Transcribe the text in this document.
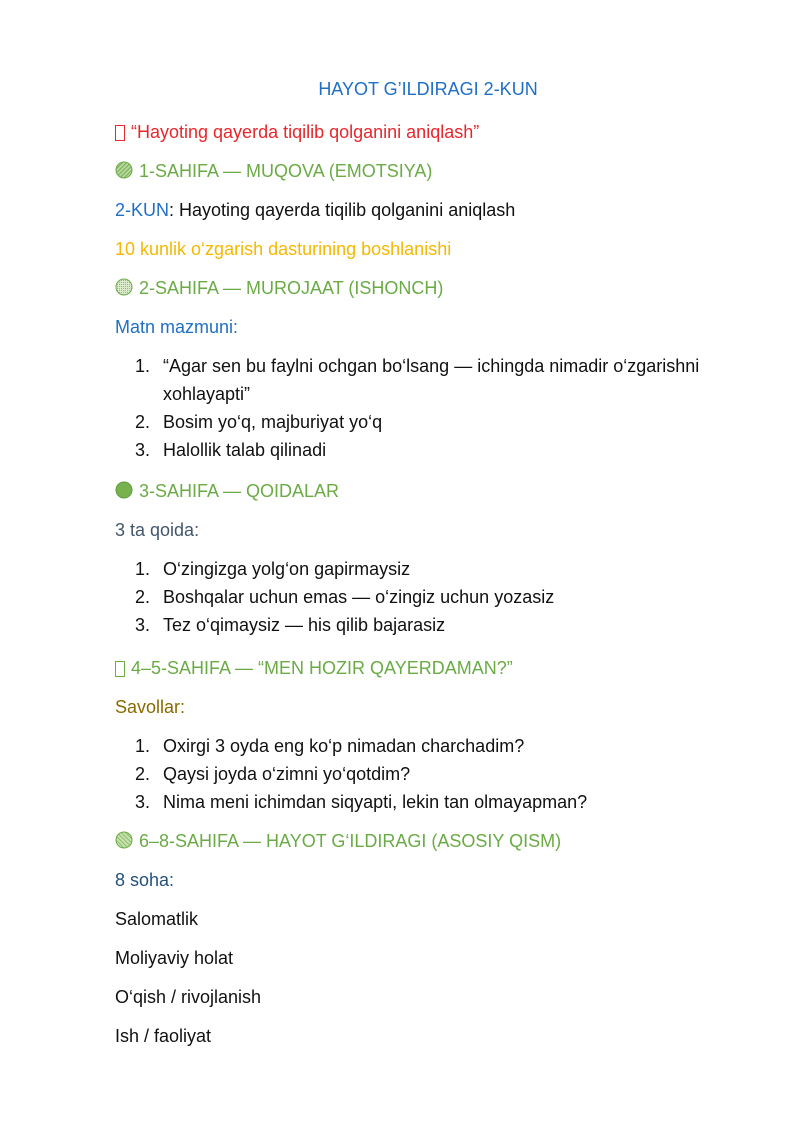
HAYOT G’ILDIRAGI 2-KUN
“Hayoting qayerda tiqilib qolganini aniqlash”
1-SAHIFA — MUQOVA (EMOTSIYA)
2-KUN: Hayoting qayerda tiqilib qolganini aniqlash
10 kunlik o‘zgarish dasturining boshlanishi
2-SAHIFA — MUROJAAT (ISHONCH)
Matn mazmuni:
1. “Agar sen bu faylni ochgan bo‘lsang — ichingda nimadir o‘zgarishni xohlayapti”
2. Bosim yo‘q, majburiyat yo‘q
3. Halollik talab qilinadi
3-SAHIFA — QOIDALAR
3 ta qoida:
1. O‘zingizga yolg‘on gapirmaysiz
2. Boshqalar uchun emas — o‘zingiz uchun yozasiz
3. Tez o‘qimaysiz — his qilib bajarasiz
4–5-SAHIFA — “MEN HOZIR QAYERDAMAN?”
Savollar:
1. Oxirgi 3 oyda eng ko‘p nimadan charchadim?
2. Qaysi joyda o‘zimni yo‘qotdim?
3. Nima meni ichimdan siqyapti, lekin tan olmayapman?
6–8-SAHIFA — HAYOT G‘ILDIRAGI (ASOSIY QISM)
8 soha:
Salomatlik
Moliyaviy holat
O‘qish / rivojlanish
Ish / faoliyat
